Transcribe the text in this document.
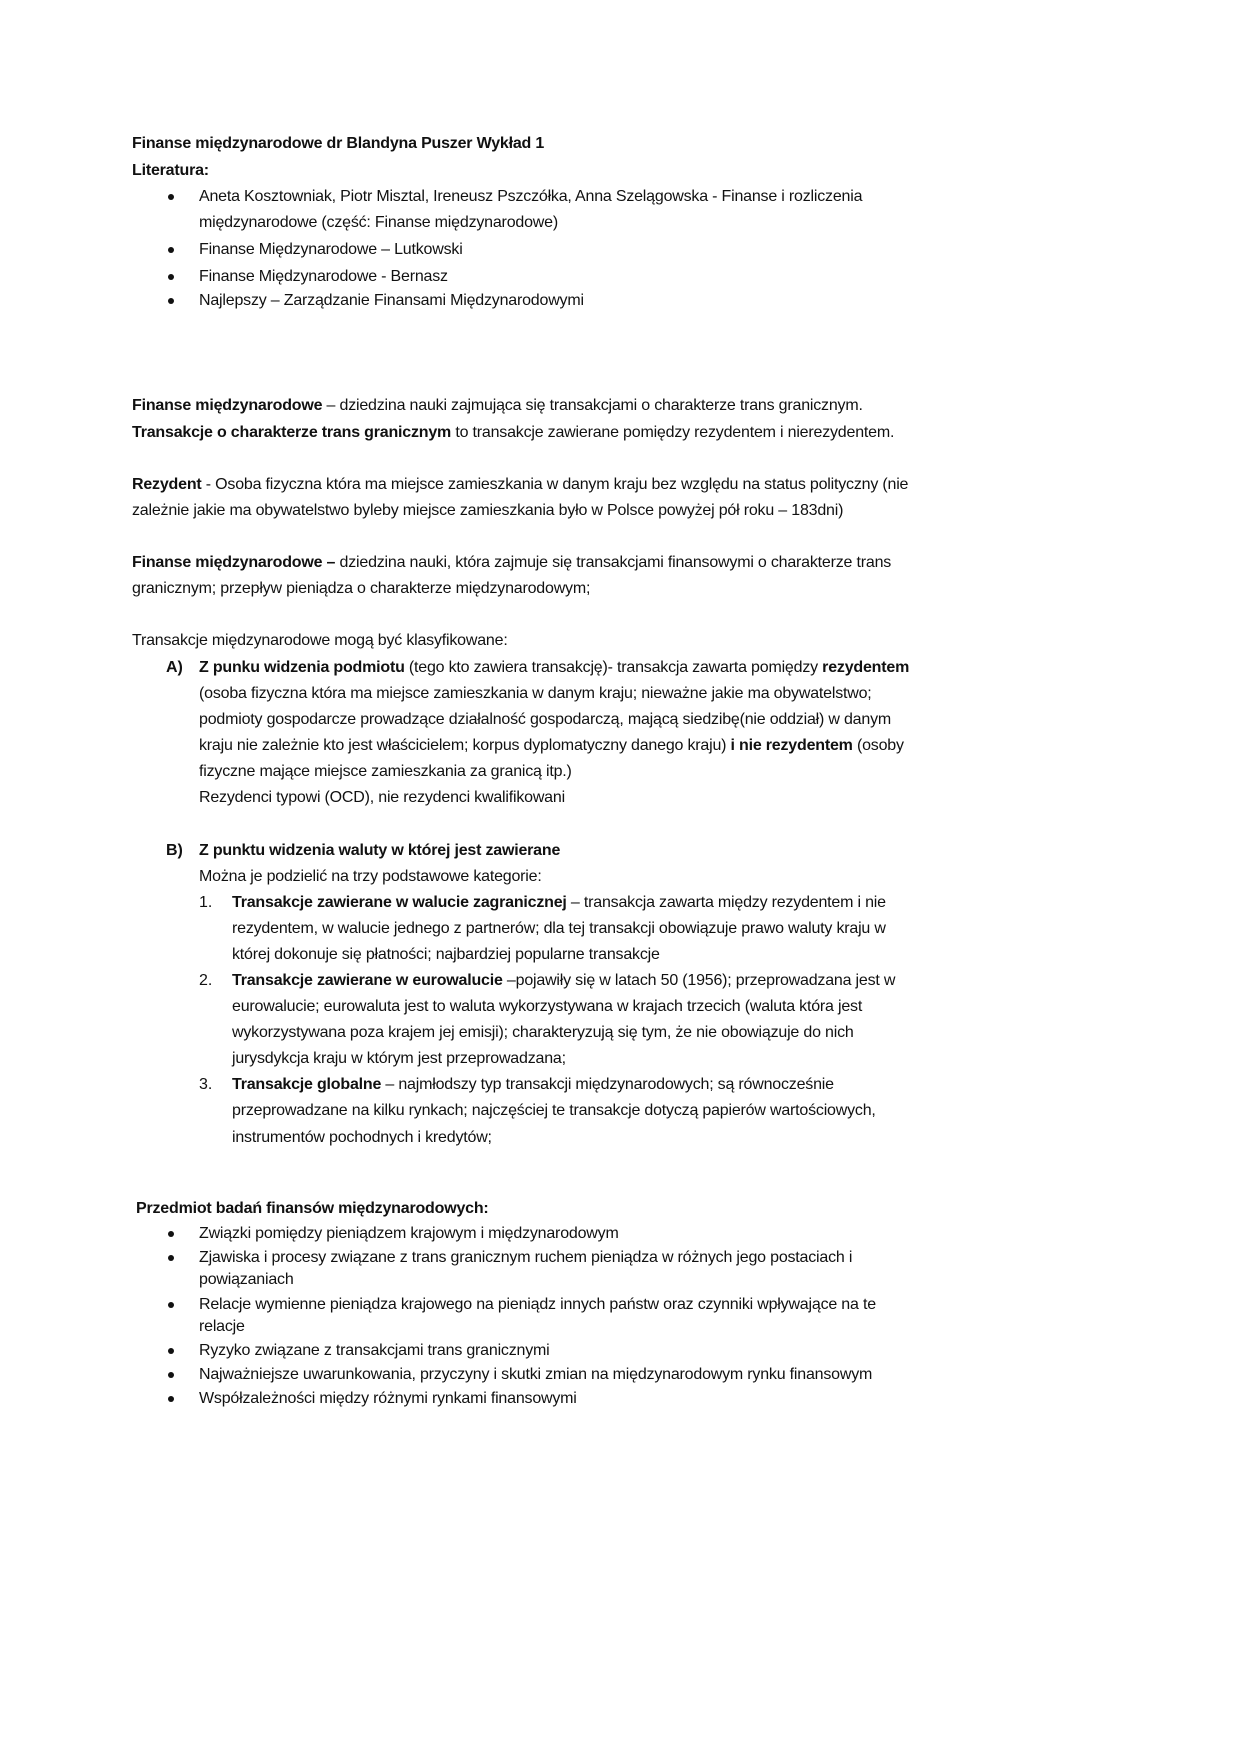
Finanse międzynarodowe dr Blandyna Puszer Wykład 1
Literatura:
Aneta Kosztowniak, Piotr Misztal, Ireneusz Pszczółka, Anna Szelągowska - Finanse i rozliczenia
międzynarodowe (część: Finanse międzynarodowe)
Finanse Międzynarodowe – Lutkowski
Finanse Międzynarodowe - Bernasz
Najlepszy – Zarządzanie Finansami Międzynarodowymi
Finanse międzynarodowe – dziedzina nauki zajmująca się transakcjami o charakterze trans granicznym.
Transakcje o charakterze trans granicznym to transakcje zawierane pomiędzy rezydentem i nierezydentem.
Rezydent - Osoba fizyczna która ma miejsce zamieszkania w danym kraju bez względu na status polityczny (nie
zależnie jakie ma obywatelstwo byleby miejsce zamieszkania było w Polsce powyżej pół roku – 183dni)
Finanse międzynarodowe – dziedzina nauki, która zajmuje się transakcjami finansowymi o charakterze trans
granicznym; przepływ pieniądza o charakterze międzynarodowym;
Transakcje międzynarodowe mogą być klasyfikowane:
A) Z punku widzenia podmiotu (tego kto zawiera transakcję)- transakcja zawarta pomiędzy rezydentem
(osoba fizyczna która ma miejsce zamieszkania w danym kraju; nieważne jakie ma obywatelstwo;
podmioty gospodarcze prowadzące działalność gospodarczą, mającą siedzibę(nie oddział) w danym
kraju nie zależnie kto jest właścicielem; korpus dyplomatyczny danego kraju) i nie rezydentem (osoby
fizyczne mające miejsce zamieszkania za granicą itp.)
Rezydenci typowi (OCD), nie rezydenci kwalifikowani
B) Z punktu widzenia waluty w której jest zawierane
Można je podzielić na trzy podstawowe kategorie:
1. Transakcje zawierane w walucie zagranicznej – transakcja zawarta między rezydentem i nie
rezydentem, w walucie jednego z partnerów; dla tej transakcji obowiązuje prawo waluty kraju w
której dokonuje się płatności; najbardziej popularne transakcje
2. Transakcje zawierane w eurowalucie –pojawiły się w latach 50 (1956); przeprowadzana jest w
eurowalucie; eurowaluta jest to waluta wykorzystywana w krajach trzecich (waluta która jest
wykorzystywana poza krajem jej emisji); charakteryzują się tym, że nie obowiązuje do nich
jurysdykcja kraju w którym jest przeprowadzana;
3. Transakcje globalne – najmłodszy typ transakcji międzynarodowych; są równocześnie
przeprowadzane na kilku rynkach; najczęściej te transakcje dotyczą papierów wartościowych,
instrumentów pochodnych i kredytów;
Przedmiot badań finansów międzynarodowych:
Związki pomiędzy pieniądzem krajowym i międzynarodowym
Zjawiska i procesy związane z trans granicznym ruchem pieniądza w różnych jego postaciach i
powiązaniach
Relacje wymienne pieniądza krajowego na pieniądz innych państw oraz czynniki wpływające na te
relacje
Ryzyko związane z transakcjami trans granicznymi
Najważniejsze uwarunkowania, przyczyny i skutki zmian na międzynarodowym rynku finansowym
Współzależności między różnymi rynkami finansowymi
